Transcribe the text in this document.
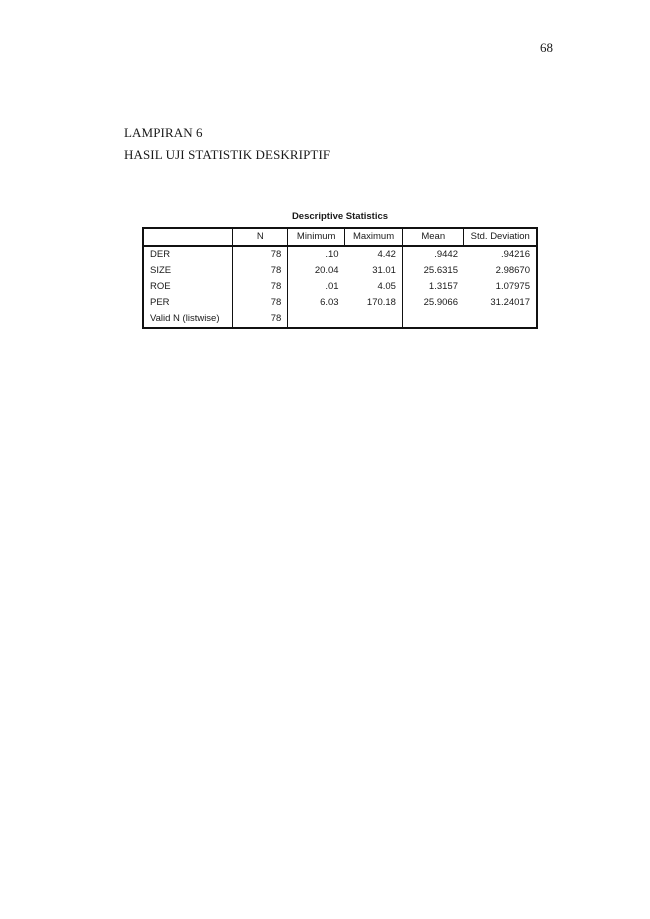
68
LAMPIRAN 6
HASIL UJI STATISTIK DESKRIPTIF
Descriptive Statistics
	N	Minimum	Maximum	Mean	Std. Deviation
DER	78	.10	4.42	.9442	.94216
SIZE	78	20.04	31.01	25.6315	2.98670
ROE	78	.01	4.05	1.3157	1.07975
PER	78	6.03	170.18	25.9066	31.24017
Valid N (listwise)	78				
